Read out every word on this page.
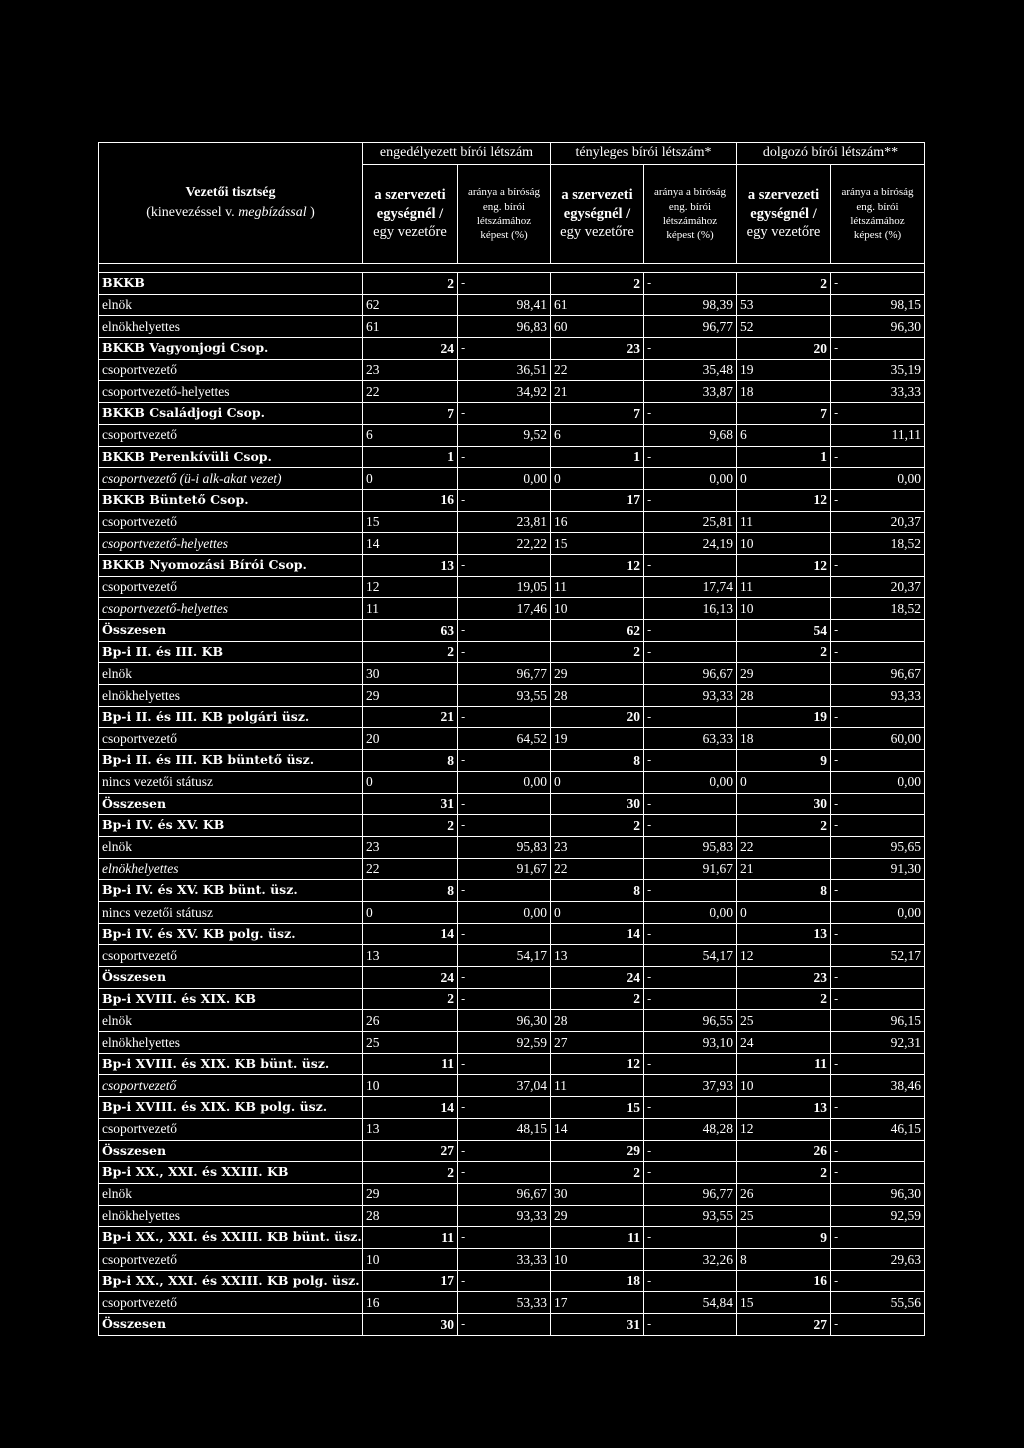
Vezetői tisztség
(kinevezéssel v. megbízással )	engedélyezett bírói létszám		tényleges bírói létszám*		dolgozó bírói létszám**	
	a szervezeti
egységnél /
egy vezetőre	aránya a bíróság
eng. bírói
létszámához
képest (%)	a szervezeti
egységnél /
egy vezetőre	aránya a bíróság
eng. bírói
létszámához
képest (%)	a szervezeti
egységnél /
egy vezetőre	aránya a bíróság
eng. bírói
létszámához
képest (%)

BKKB	2	-	2	-	2	-
elnök	62	98,41	61	98,39	53	98,15
elnökhelyettes	61	96,83	60	96,77	52	96,30
BKKB Vagyonjogi Csop.	24	-	23	-	20	-
csoportvezető	23	36,51	22	35,48	19	35,19
csoportvezető-helyettes	22	34,92	21	33,87	18	33,33
BKKB Családjogi Csop.	7	-	7	-	7	-
csoportvezető	6	9,52	6	9,68	6	11,11
BKKB Perenkívüli Csop.	1	-	1	-	1	-
csoportvezető (ü-i alk-akat vezet)	0	0,00	0	0,00	0	0,00
BKKB Büntető Csop.	16	-	17	-	12	-
csoportvezető	15	23,81	16	25,81	11	20,37
csoportvezető-helyettes	14	22,22	15	24,19	10	18,52
BKKB Nyomozási Bírói Csop.	13	-	12	-	12	-
csoportvezető	12	19,05	11	17,74	11	20,37
csoportvezető-helyettes	11	17,46	10	16,13	10	18,52
Összesen	63	-	62	-	54	-
Bp-i II. és III. KB	2	-	2	-	2	-
elnök	30	96,77	29	96,67	29	96,67
elnökhelyettes	29	93,55	28	93,33	28	93,33
Bp-i II. és III. KB polgári üsz.	21	-	20	-	19	-
csoportvezető	20	64,52	19	63,33	18	60,00
Bp-i II. és III. KB büntető üsz.	8	-	8	-	9	-
nincs vezetői státusz	0	0,00	0	0,00	0	0,00
Összesen	31	-	30	-	30	-
Bp-i IV. és XV. KB	2	-	2	-	2	-
elnök	23	95,83	23	95,83	22	95,65
elnökhelyettes	22	91,67	22	91,67	21	91,30
Bp-i IV. és XV. KB bünt. üsz.	8	-	8	-	8	-
nincs vezetői státusz	0	0,00	0	0,00	0	0,00
Bp-i IV. és XV. KB polg. üsz.	14	-	14	-	13	-
csoportvezető	13	54,17	13	54,17	12	52,17
Összesen	24	-	24	-	23	-
Bp-i XVIII. és XIX. KB	2	-	2	-	2	-
elnök	26	96,30	28	96,55	25	96,15
elnökhelyettes	25	92,59	27	93,10	24	92,31
Bp-i XVIII. és XIX. KB bünt. üsz.	11	-	12	-	11	-
csoportvezető	10	37,04	11	37,93	10	38,46
Bp-i XVIII. és XIX. KB polg. üsz.	14	-	15	-	13	-
csoportvezető	13	48,15	14	48,28	12	46,15
Összesen	27	-	29	-	26	-
Bp-i XX., XXI. és XXIII. KB	2	-	2	-	2	-
elnök	29	96,67	30	96,77	26	96,30
elnökhelyettes	28	93,33	29	93,55	25	92,59
Bp-i XX., XXI. és XXIII. KB bünt. üsz.	11	-	11	-	9	-
csoportvezető	10	33,33	10	32,26	8	29,63
Bp-i XX., XXI. és XXIII. KB polg. üsz.	17	-	18	-	16	-
csoportvezető	16	53,33	17	54,84	15	55,56
Összesen	30	-	31	-	27	-
